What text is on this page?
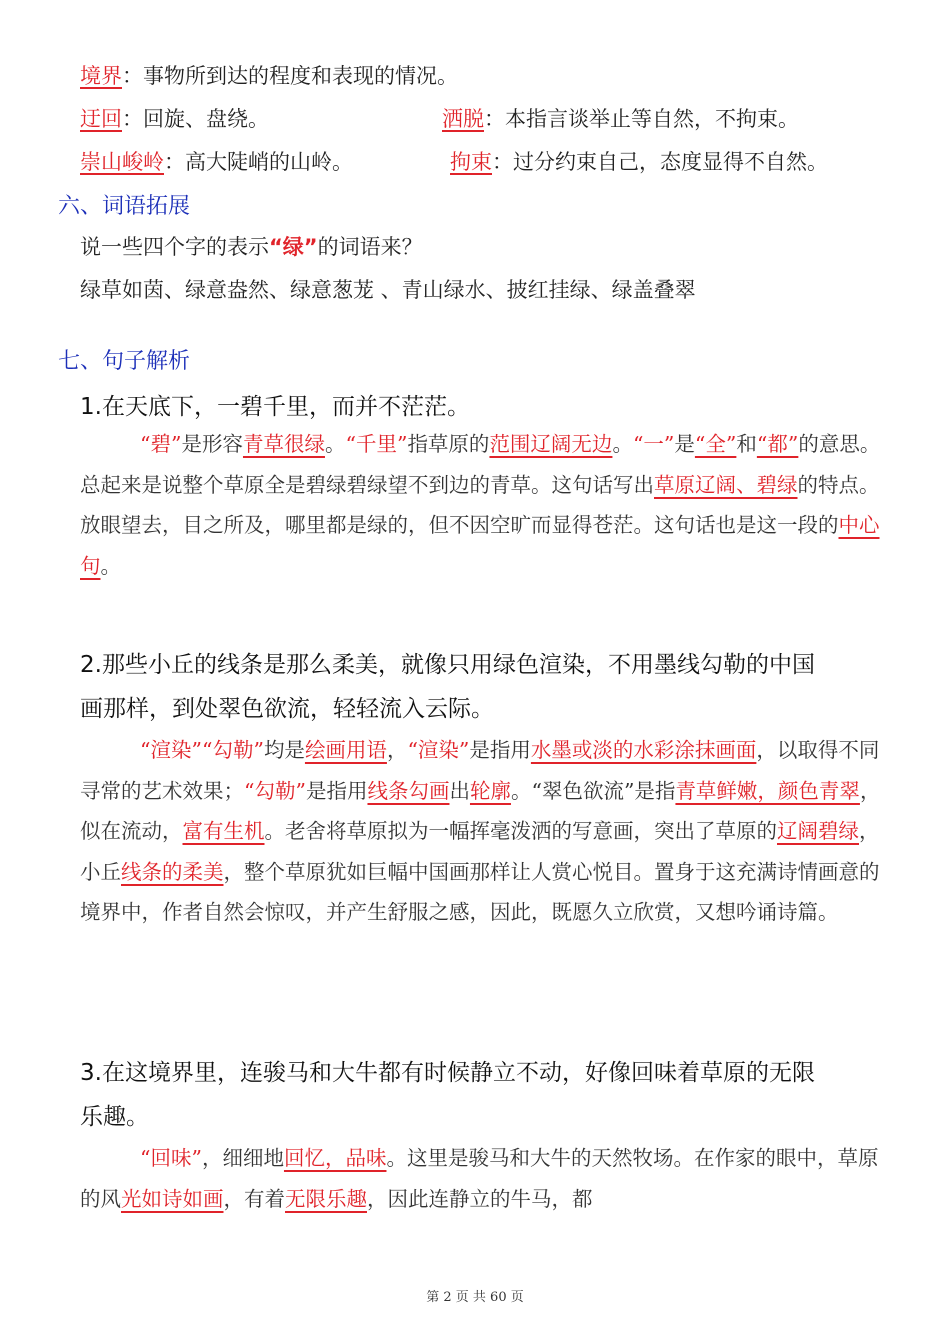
境界：事物所到达的程度和表现的情况。
迂回：回旋、盘绕。	洒脱：本指言谈举止等自然，不拘束。
崇山峻岭：高大陡峭的山岭。	拘束：过分约束自己，态度显得不自然。
六、词语拓展
说一些四个字的表示“绿”的词语来？
绿草如茵、绿意盎然、绿意葱茏 、青山绿水、披红挂绿、绿盖叠翠
七、句子解析
1.在天底下，一碧千里，而并不茫茫。
“碧”是形容青草很绿。“千里”指草原的范围辽阔无边。“一”是“全”和“都”的意思。总起来是说整个草原全是碧绿碧绿望不到边的青草。这句话写出草原辽阔、碧绿的特点。放眼望去，目之所及，哪里都是绿的，但不因空旷而显得苍茫。这句话也是这一段的中心句。
2.那些小丘的线条是那么柔美，就像只用绿色渲染，不用墨线勾勒的中国
画那样，到处翠色欲流，轻轻流入云际。
“渲染”“勾勒”均是绘画用语，“渲染”是指用水墨或淡的水彩涂抹画面，以取得不同寻常的艺术效果；“勾勒”是指用线条勾画出轮廓。“翠色欲流”是指青草鲜嫩，颜色青翠，似在流动，富有生机。老舍将草原拟为一幅挥毫泼洒的写意画，突出了草原的辽阔碧绿，小丘线条的柔美，整个草原犹如巨幅中国画那样让人赏心悦目。置身于这充满诗情画意的境界中，作者自然会惊叹，并产生舒服之感，因此，既愿久立欣赏，又想吟诵诗篇。
3.在这境界里，连骏马和大牛都有时候静立不动，好像回味着草原的无限
乐趣。
“回味”，细细地回忆，品味。这里是骏马和大牛的天然牧场。在作家的眼中，草原的风光如诗如画，有着无限乐趣，因此连静立的牛马，都
第 2 页 共 60 页
